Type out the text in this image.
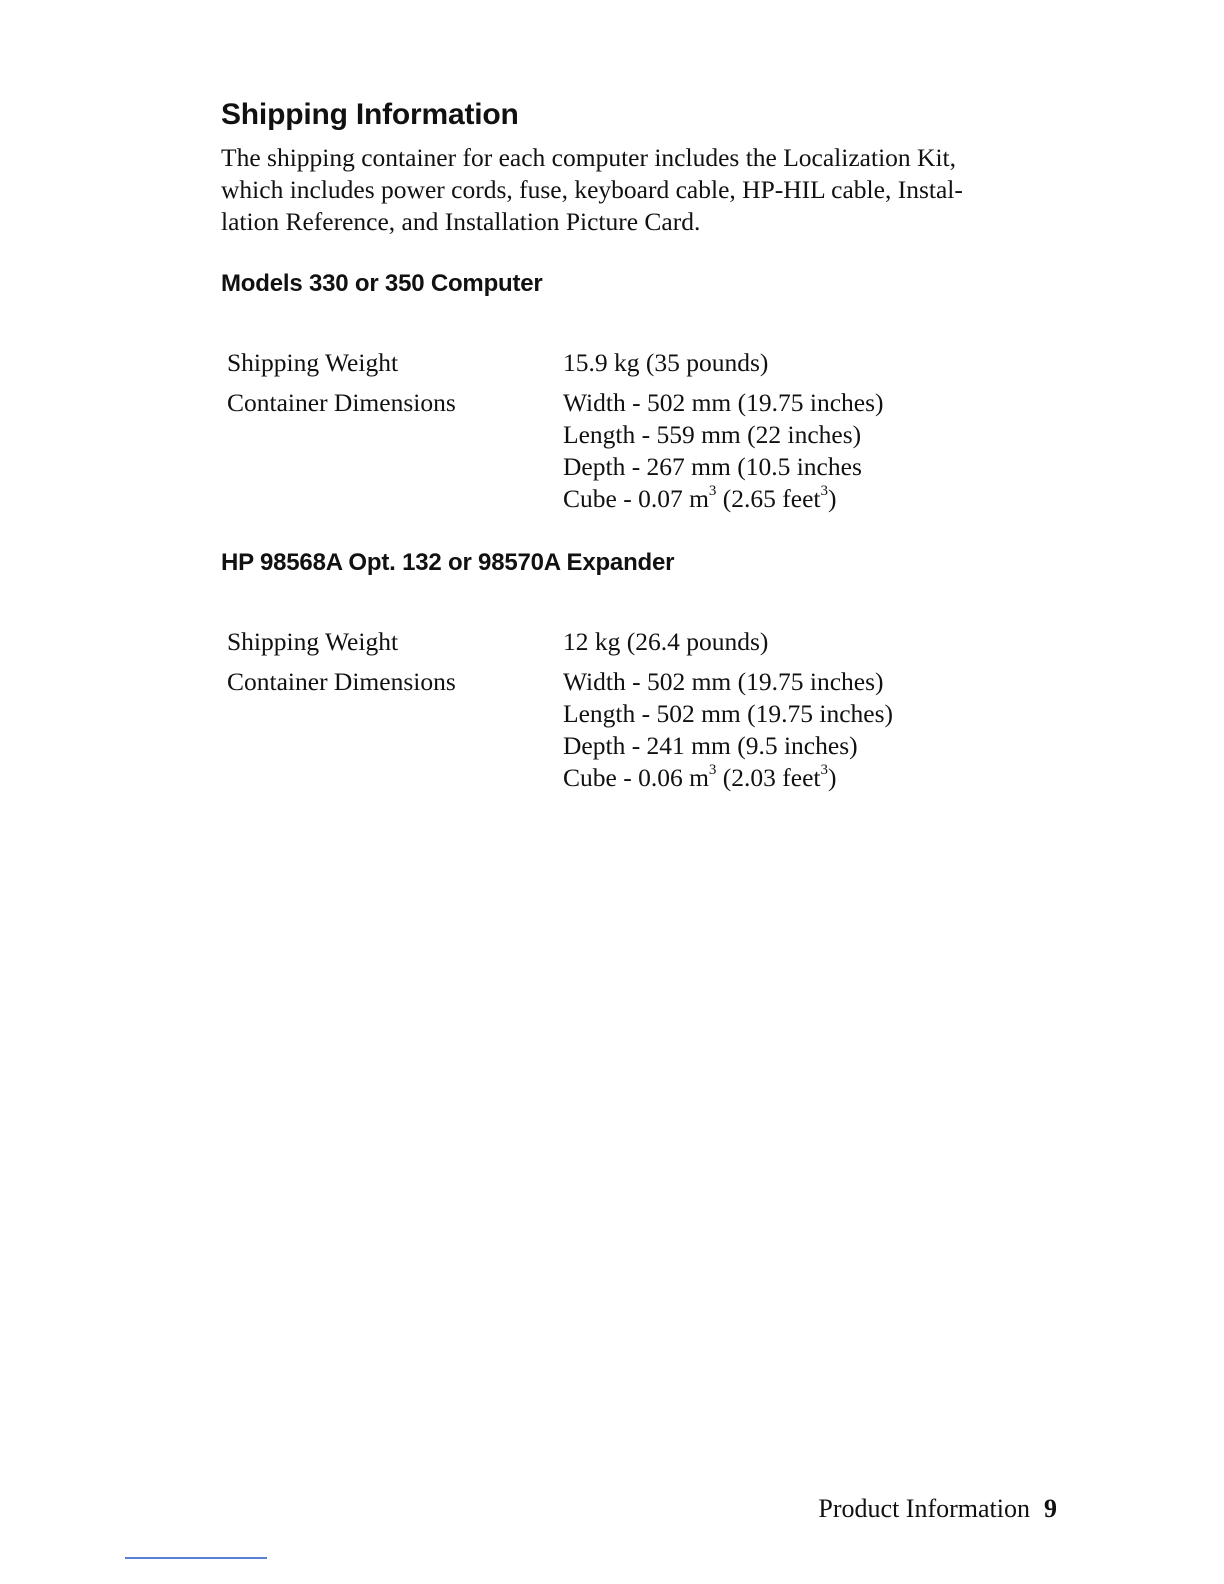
Shipping Information

The shipping container for each computer includes the Localization Kit,
which includes power cords, fuse, keyboard cable, HP-HIL cable, Instal-
lation Reference, and Installation Picture Card.

Models 330 or 350 Computer
Shipping Weight	15.9 kg (35 pounds)
Container Dimensions	Width - 502 mm (19.75 inches)
Length - 559 mm (22 inches)
Depth - 267 mm (10.5 inches
Cube - 0.07 $m^3$ (2.65 feet$^3$)
HP 98568A Opt. 132 or 98570A Expander
Shipping Weight	12 kg (26.4 pounds)
Container Dimensions	Width - 502 mm (19.75 inches)
Length - 502 mm (19.75 inches)
Depth - 241 mm (9.5 inches)
Cube - 0.06 $m^3$ (2.03 feet$^3$)
Product Information 9
